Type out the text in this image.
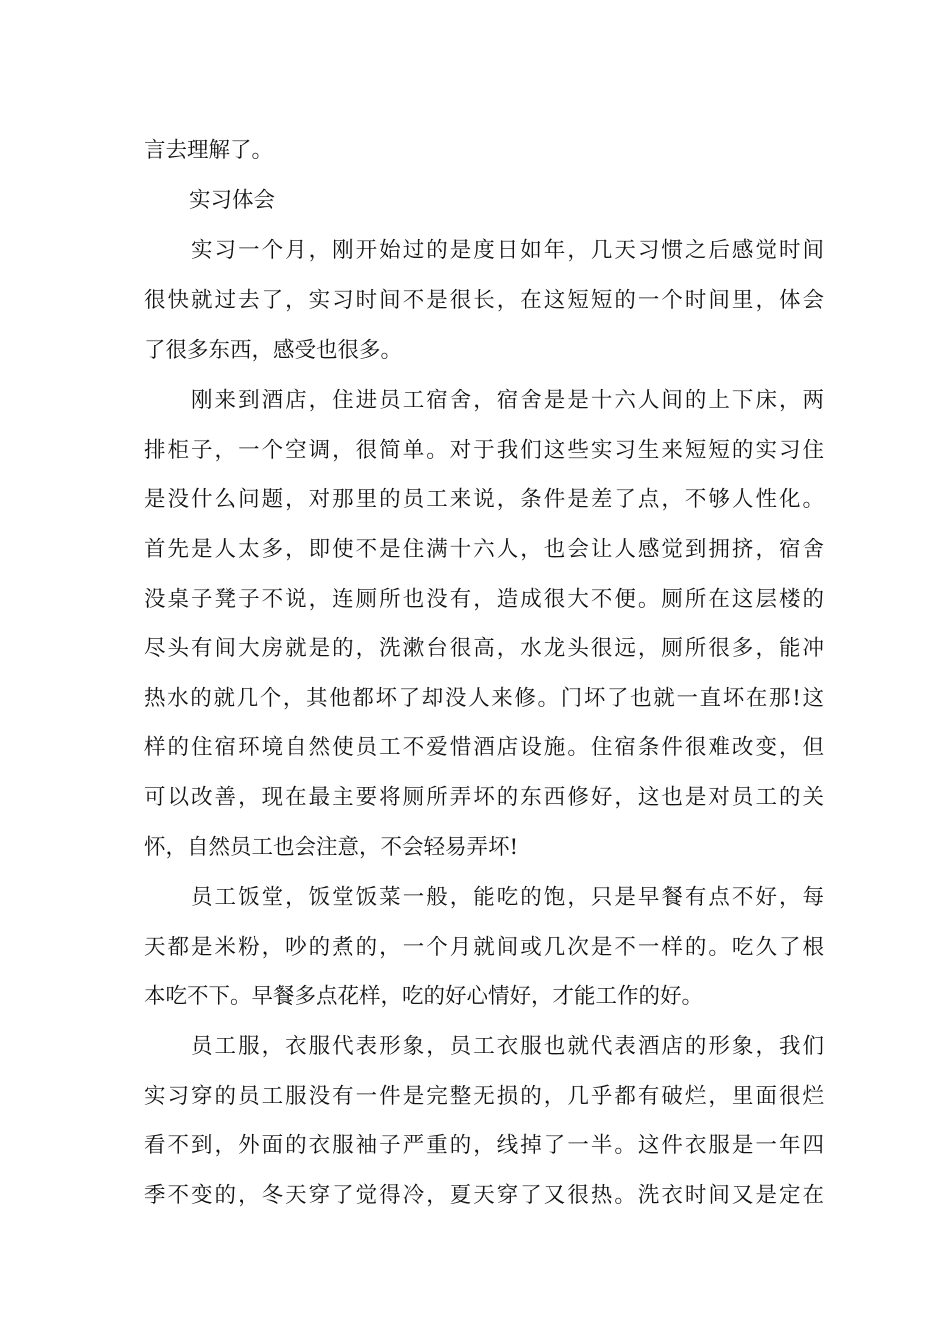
言去理解了。
实习体会
　　实习一个月，刚开始过的是度日如年，几天习惯之后感觉时间
很快就过去了，实习时间不是很长，在这短短的一个时间里，体会
了很多东西，感受也很多。
　　刚来到酒店，住进员工宿舍，宿舍是是十六人间的上下床，两
排柜子，一个空调，很简单。对于我们这些实习生来短短的实习住
是没什么问题，对那里的员工来说，条件是差了点，不够人性化。
首先是人太多，即使不是住满十六人，也会让人感觉到拥挤，宿舍
没桌子凳子不说，连厕所也没有，造成很大不便。厕所在这层楼的
尽头有间大房就是的，洗漱台很高，水龙头很远，厕所很多，能冲
热水的就几个，其他都坏了却没人来修。门坏了也就一直坏在那!这
样的住宿环境自然使员工不爱惜酒店设施。住宿条件很难改变，但
可以改善，现在最主要将厕所弄坏的东西修好，这也是对员工的关
怀，自然员工也会注意，不会轻易弄坏!
　　员工饭堂，饭堂饭菜一般，能吃的饱，只是早餐有点不好，每
天都是米粉，吵的煮的，一个月就间或几次是不一样的。吃久了根
本吃不下。早餐多点花样，吃的好心情好，才能工作的好。
　　员工服，衣服代表形象，员工衣服也就代表酒店的形象，我们
实习穿的员工服没有一件是完整无损的，几乎都有破烂，里面很烂
看不到，外面的衣服袖子严重的，线掉了一半。这件衣服是一年四
季不变的，冬天穿了觉得冷，夏天穿了又很热。洗衣时间又是定在
